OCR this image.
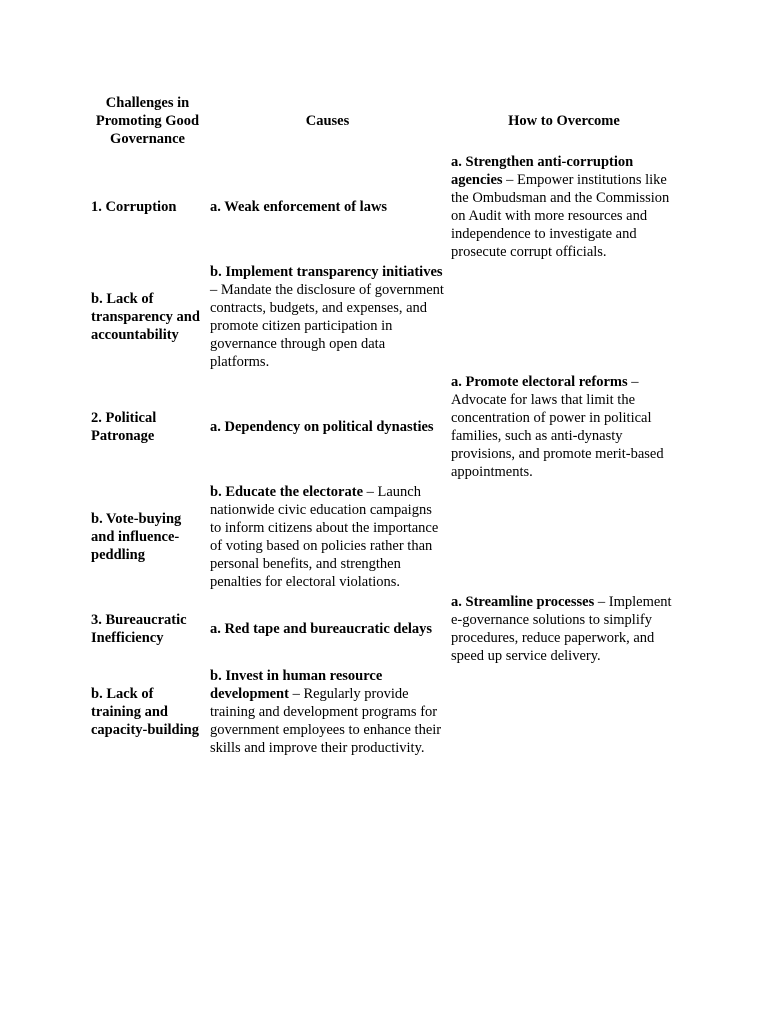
Challenges in Promoting Good Governance	Causes	How to Overcome
1. Corruption	a. Weak enforcement of laws	a. Strengthen anti-corruption agencies – Empower institutions like the Ombudsman and the Commission on Audit with more resources and independence to investigate and prosecute corrupt officials.
b. Lack of transparency and accountability	b. Implement transparency initiatives – Mandate the disclosure of government contracts, budgets, and expenses, and promote citizen participation in governance through open data platforms.	
2. Political Patronage	a. Dependency on political dynasties	a. Promote electoral reforms – Advocate for laws that limit the concentration of power in political families, such as anti-dynasty provisions, and promote merit-based appointments.
b. Vote-buying and influence-peddling	b. Educate the electorate – Launch nationwide civic education campaigns to inform citizens about the importance of voting based on policies rather than personal benefits, and strengthen penalties for electoral violations.	
3. Bureaucratic Inefficiency	a. Red tape and bureaucratic delays	a. Streamline processes – Implement e-governance solutions to simplify procedures, reduce paperwork, and speed up service delivery.
b. Lack of training and capacity-building	b. Invest in human resource development – Regularly provide training and development programs for government employees to enhance their skills and improve their productivity.	
